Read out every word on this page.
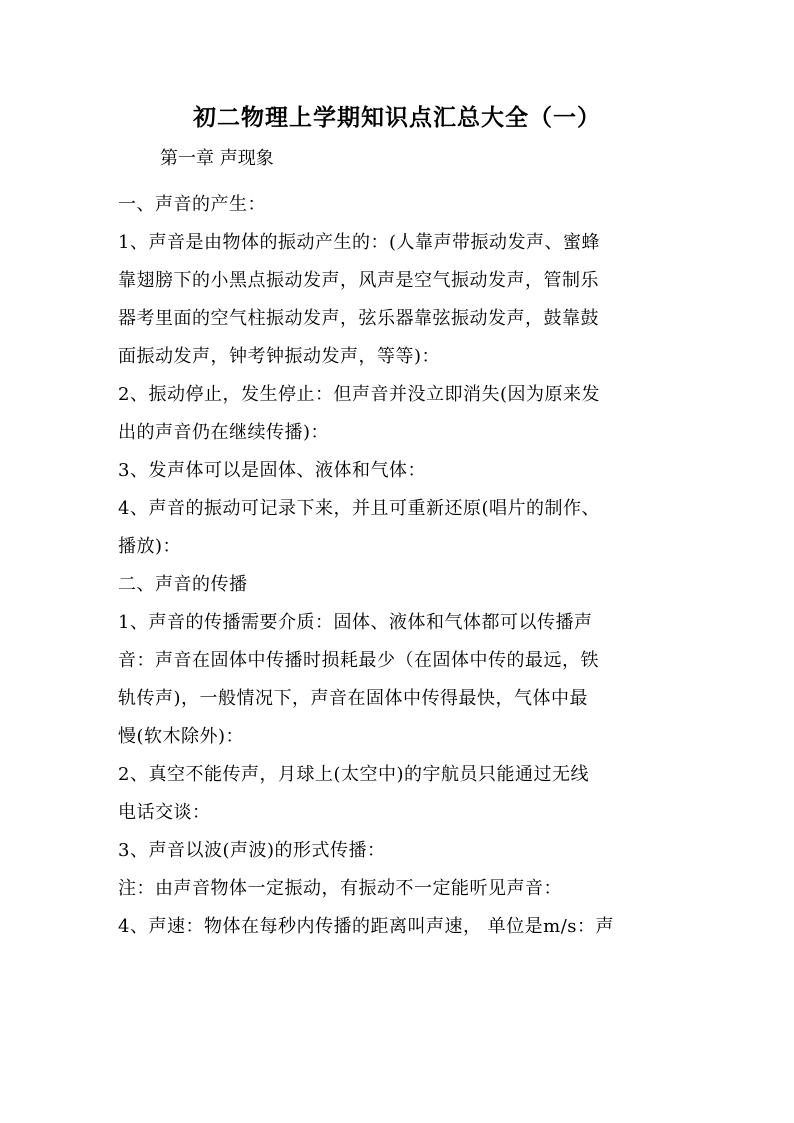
初二物理上学期知识点汇总大全（一）
第一章 声现象
一、声音的产生：
1、声音是由物体的振动产生的：(人靠声带振动发声、蜜蜂
靠翅膀下的小黑点振动发声，风声是空气振动发声，管制乐
器考里面的空气柱振动发声，弦乐器靠弦振动发声，鼓靠鼓
面振动发声，钟考钟振动发声，等等)：
2、振动停止，发生停止：但声音并没立即消失(因为原来发
出的声音仍在继续传播)：
3、发声体可以是固体、液体和气体：
4、声音的振动可记录下来，并且可重新还原(唱片的制作、
播放)：
二、声音的传播
1、声音的传播需要介质：固体、液体和气体都可以传播声
音：声音在固体中传播时损耗最少（在固体中传的最远，铁
轨传声)，一般情况下，声音在固体中传得最快，气体中最
慢(软木除外)：
2、真空不能传声，月球上(太空中)的宇航员只能通过无线
电话交谈：
3、声音以波(声波)的形式传播：
注：由声音物体一定振动，有振动不一定能听见声音：
4、声速：物体在每秒内传播的距离叫声速， 单位是m/s：声
